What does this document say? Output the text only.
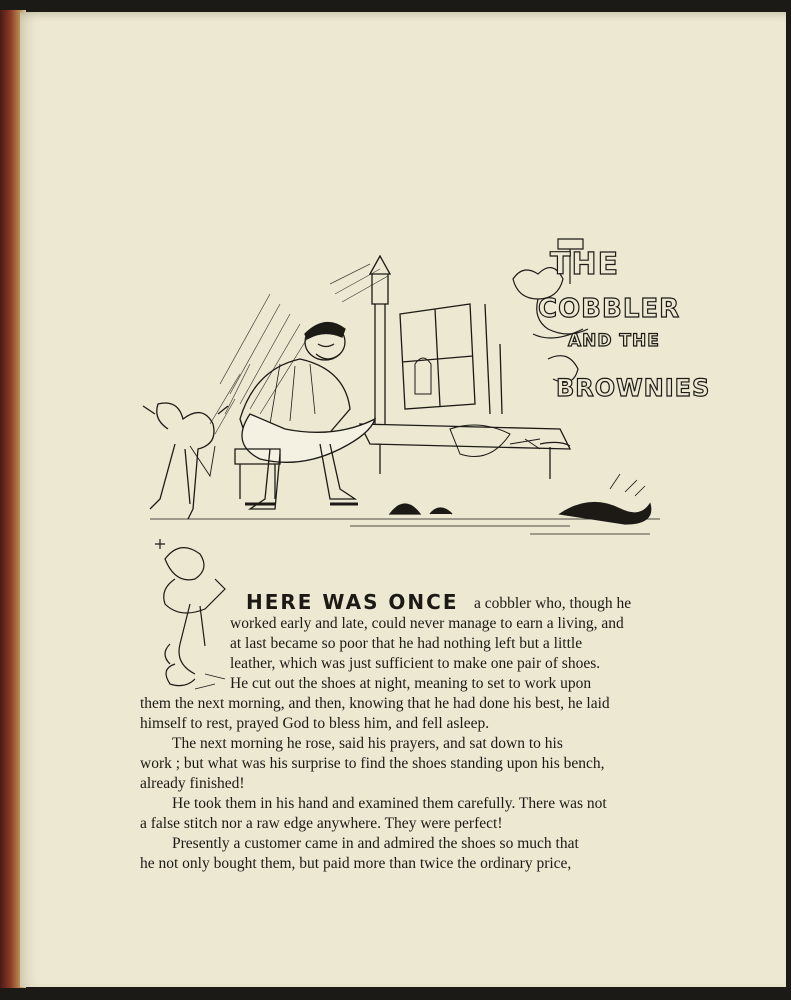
THE

COBBLER

AND THE

BROWNIES

HERE WAS ONCE a cobbler who, though he

worked early and late, could never manage to earn a living, and

at last became so poor that he had nothing left but a little

leather, which was just sufficient to make one pair of shoes.

He cut out the shoes at night, meaning to set to work upon

them the next morning, and then, knowing that he had done his best, he laid

himself to rest, prayed God to bless him, and fell asleep.

The next morning he rose, said his prayers, and sat down to his

work ; but what was his surprise to find the shoes standing upon his bench,

already finished!

He took them in his hand and examined them carefully. There was not

a false stitch nor a raw edge anywhere. They were perfect!

Presently a customer came in and admired the shoes so much that

he not only bought them, but paid more than twice the ordinary price,
